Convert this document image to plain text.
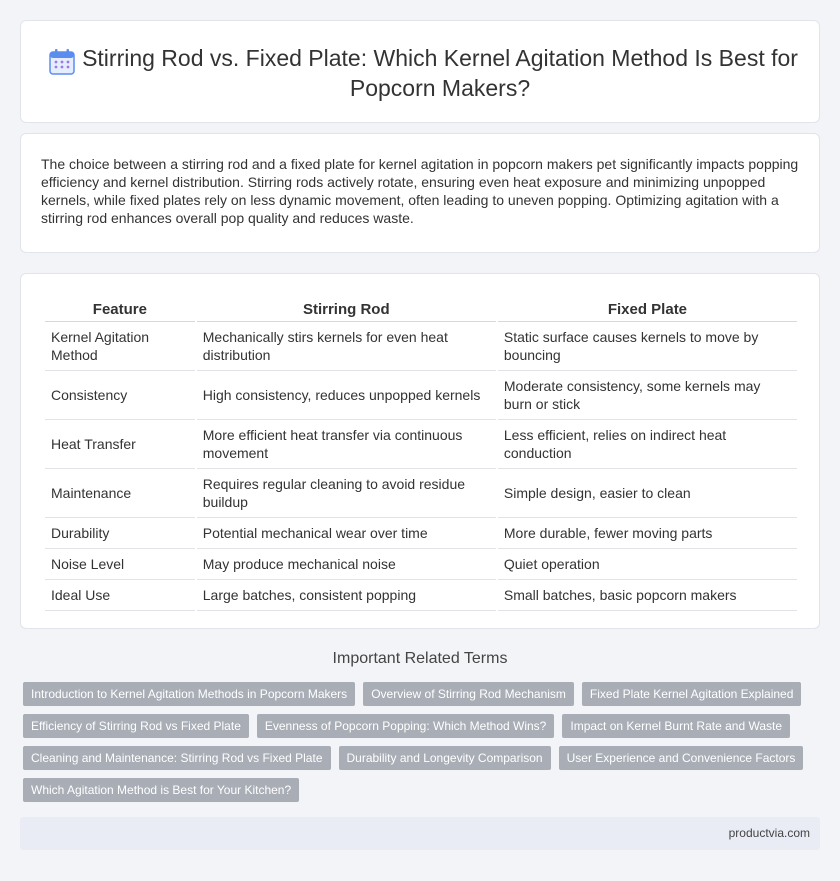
Stirring Rod vs. Fixed Plate: Which Kernel Agitation Method Is Best for Popcorn Makers?

The choice between a stirring rod and a fixed plate for kernel agitation in popcorn makers pet significantly impacts popping efficiency and kernel distribution. Stirring rods actively rotate, ensuring even heat exposure and minimizing unpopped kernels, while fixed plates rely on less dynamic movement, often leading to uneven popping. Optimizing agitation with a stirring rod enhances overall pop quality and reduces waste.

Feature	Stirring Rod	Fixed Plate
Kernel Agitation Method	Mechanically stirs kernels for even heat distribution	Static surface causes kernels to move by bouncing
Consistency	High consistency, reduces unpopped kernels	Moderate consistency, some kernels may burn or stick
Heat Transfer	More efficient heat transfer via continuous movement	Less efficient, relies on indirect heat conduction
Maintenance	Requires regular cleaning to avoid residue buildup	Simple design, easier to clean
Durability	Potential mechanical wear over time	More durable, fewer moving parts
Noise Level	May produce mechanical noise	Quiet operation
Ideal Use	Large batches, consistent popping	Small batches, basic popcorn makers
Important Related Terms
Introduction to Kernel Agitation Methods in Popcorn Makers	Overview of Stirring Rod Mechanism	Fixed Plate Kernel Agitation Explained
Efficiency of Stirring Rod vs Fixed Plate	Evenness of Popcorn Popping: Which Method Wins?	Impact on Kernel Burnt Rate and Waste
Cleaning and Maintenance: Stirring Rod vs Fixed Plate	Durability and Longevity Comparison	User Experience and Convenience Factors
Which Agitation Method is Best for Your Kitchen?
productvia.com
